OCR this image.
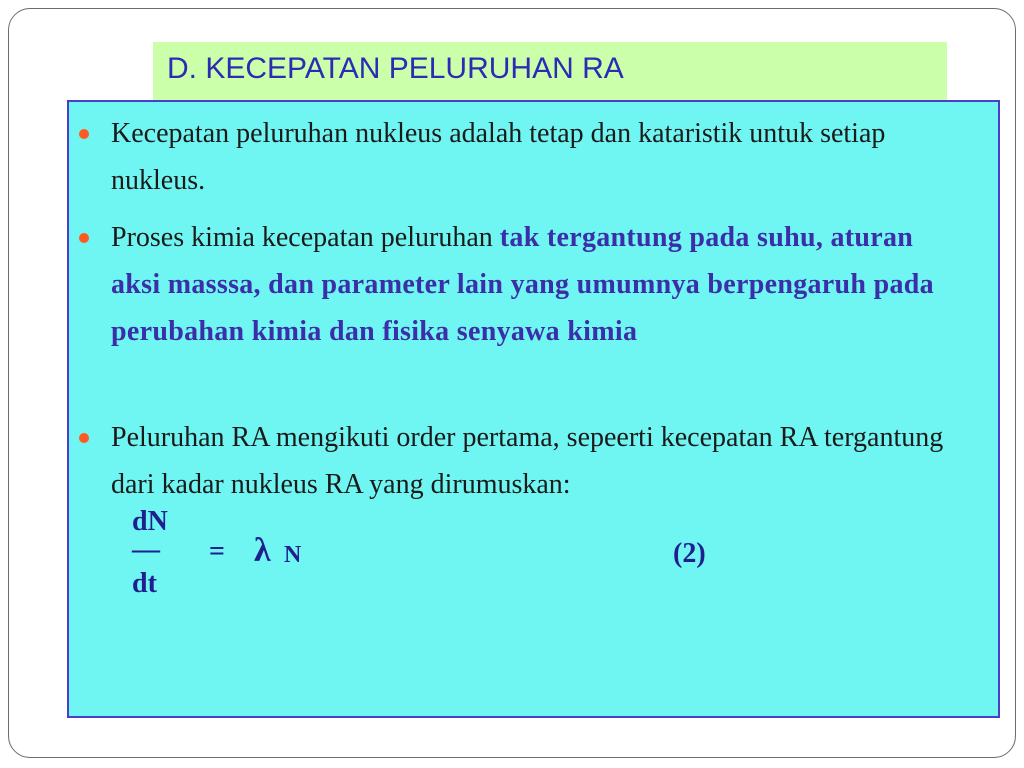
D. KECEPATAN PELURUHAN RA
Kecepatan peluruhan nukleus adalah tetap dan kataristik untuk setiap nukleus.
Proses kimia kecepatan peluruhan tak tergantung pada suhu, aturan aksi masssa, dan parameter lain yang umumnya berpengaruh pada perubahan kimia dan fisika senyawa kimia
Peluruhan RA mengikuti order pertama, sepeerti kecepatan RA tergantung dari kadar nukleus RA yang dirumuskan:
dN
—
dt
= λ N	(2)
